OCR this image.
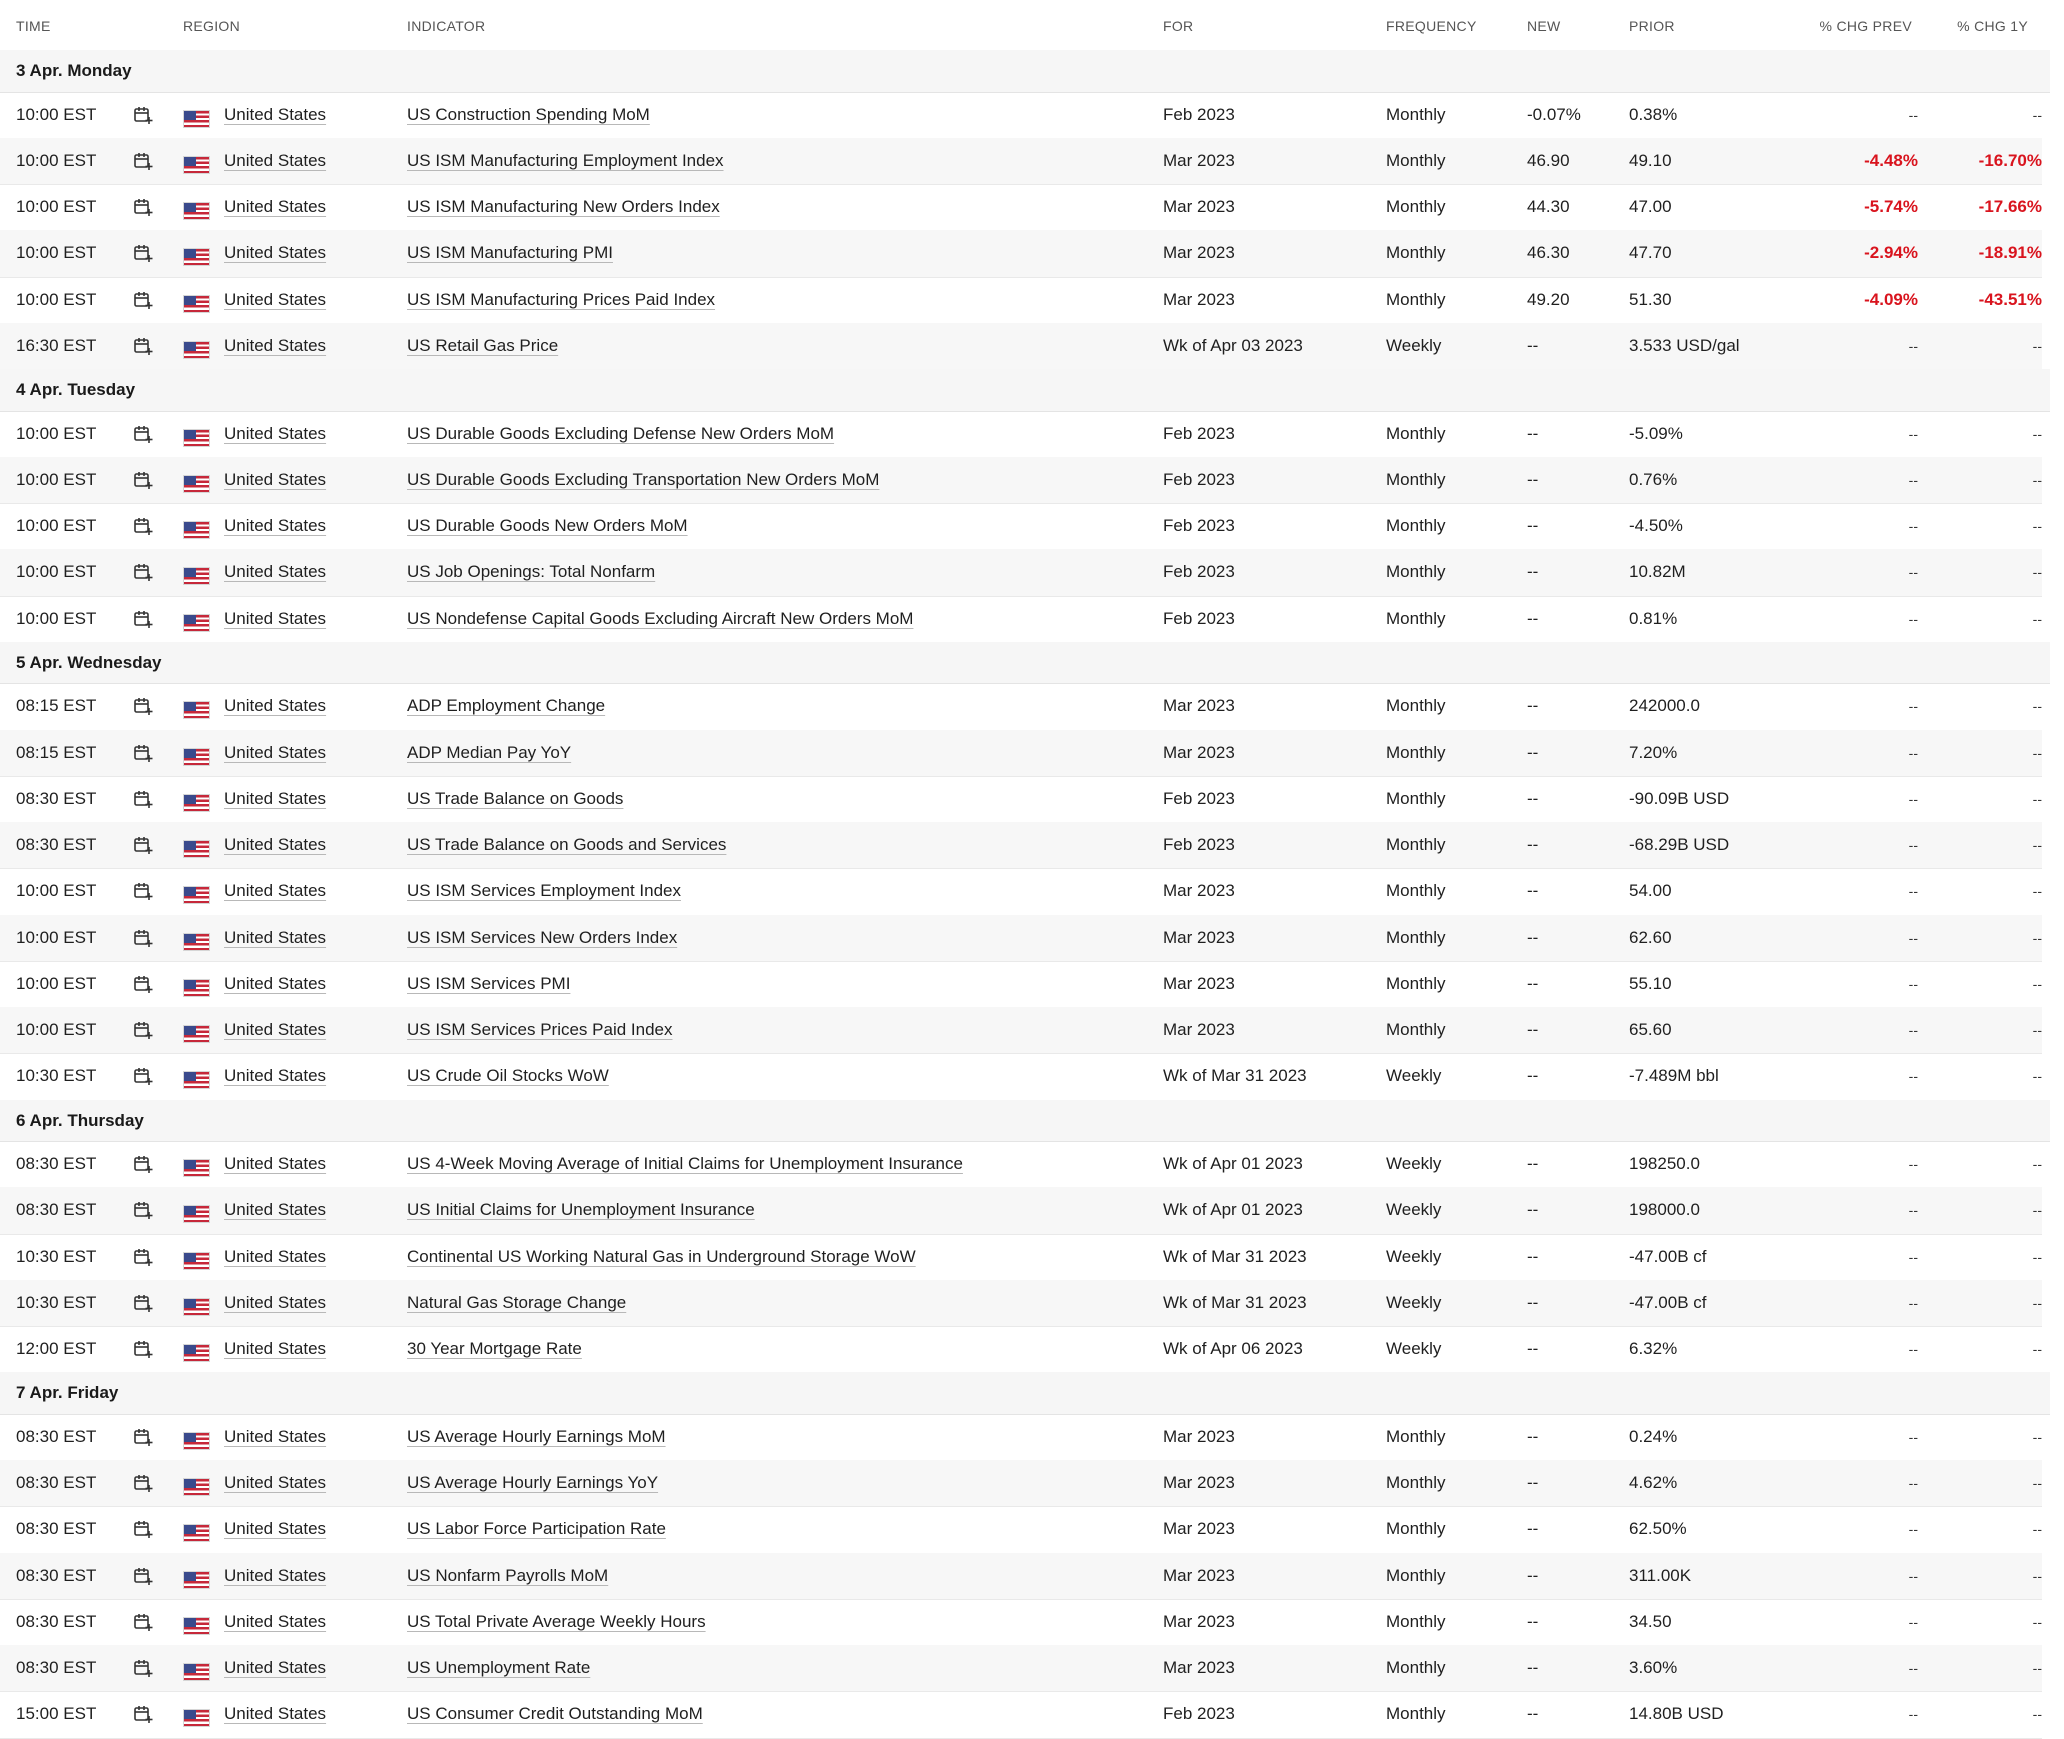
TIME	REGION	INDICATOR	FOR	FREQUENCY	NEW	PRIOR	% CHG PREV	% CHG 1Y
3 Apr. Monday
10:00 EST	United States	US Construction Spending MoM	Feb 2023	Monthly	-0.07%	0.38%	--	--
10:00 EST	United States	US ISM Manufacturing Employment Index	Mar 2023	Monthly	46.90	49.10	-4.48%	-16.70%
10:00 EST	United States	US ISM Manufacturing New Orders Index	Mar 2023	Monthly	44.30	47.00	-5.74%	-17.66%
10:00 EST	United States	US ISM Manufacturing PMI	Mar 2023	Monthly	46.30	47.70	-2.94%	-18.91%
10:00 EST	United States	US ISM Manufacturing Prices Paid Index	Mar 2023	Monthly	49.20	51.30	-4.09%	-43.51%
16:30 EST	United States	US Retail Gas Price	Wk of Apr 03 2023	Weekly	--	3.533 USD/gal	--	--
4 Apr. Tuesday
10:00 EST	United States	US Durable Goods Excluding Defense New Orders MoM	Feb 2023	Monthly	--	-5.09%	--	--
10:00 EST	United States	US Durable Goods Excluding Transportation New Orders MoM	Feb 2023	Monthly	--	0.76%	--	--
10:00 EST	United States	US Durable Goods New Orders MoM	Feb 2023	Monthly	--	-4.50%	--	--
10:00 EST	United States	US Job Openings: Total Nonfarm	Feb 2023	Monthly	--	10.82M	--	--
10:00 EST	United States	US Nondefense Capital Goods Excluding Aircraft New Orders MoM	Feb 2023	Monthly	--	0.81%	--	--
5 Apr. Wednesday
08:15 EST	United States	ADP Employment Change	Mar 2023	Monthly	--	242000.0	--	--
08:15 EST	United States	ADP Median Pay YoY	Mar 2023	Monthly	--	7.20%	--	--
08:30 EST	United States	US Trade Balance on Goods	Feb 2023	Monthly	--	-90.09B USD	--	--
08:30 EST	United States	US Trade Balance on Goods and Services	Feb 2023	Monthly	--	-68.29B USD	--	--
10:00 EST	United States	US ISM Services Employment Index	Mar 2023	Monthly	--	54.00	--	--
10:00 EST	United States	US ISM Services New Orders Index	Mar 2023	Monthly	--	62.60	--	--
10:00 EST	United States	US ISM Services PMI	Mar 2023	Monthly	--	55.10	--	--
10:00 EST	United States	US ISM Services Prices Paid Index	Mar 2023	Monthly	--	65.60	--	--
10:30 EST	United States	US Crude Oil Stocks WoW	Wk of Mar 31 2023	Weekly	--	-7.489M bbl	--	--
6 Apr. Thursday
08:30 EST	United States	US 4-Week Moving Average of Initial Claims for Unemployment Insurance	Wk of Apr 01 2023	Weekly	--	198250.0	--	--
08:30 EST	United States	US Initial Claims for Unemployment Insurance	Wk of Apr 01 2023	Weekly	--	198000.0	--	--
10:30 EST	United States	Continental US Working Natural Gas in Underground Storage WoW	Wk of Mar 31 2023	Weekly	--	-47.00B cf	--	--
10:30 EST	United States	Natural Gas Storage Change	Wk of Mar 31 2023	Weekly	--	-47.00B cf	--	--
12:00 EST	United States	30 Year Mortgage Rate	Wk of Apr 06 2023	Weekly	--	6.32%	--	--
7 Apr. Friday
08:30 EST	United States	US Average Hourly Earnings MoM	Mar 2023	Monthly	--	0.24%	--	--
08:30 EST	United States	US Average Hourly Earnings YoY	Mar 2023	Monthly	--	4.62%	--	--
08:30 EST	United States	US Labor Force Participation Rate	Mar 2023	Monthly	--	62.50%	--	--
08:30 EST	United States	US Nonfarm Payrolls MoM	Mar 2023	Monthly	--	311.00K	--	--
08:30 EST	United States	US Total Private Average Weekly Hours	Mar 2023	Monthly	--	34.50	--	--
08:30 EST	United States	US Unemployment Rate	Mar 2023	Monthly	--	3.60%	--	--
15:00 EST	United States	US Consumer Credit Outstanding MoM	Feb 2023	Monthly	--	14.80B USD	--	--
